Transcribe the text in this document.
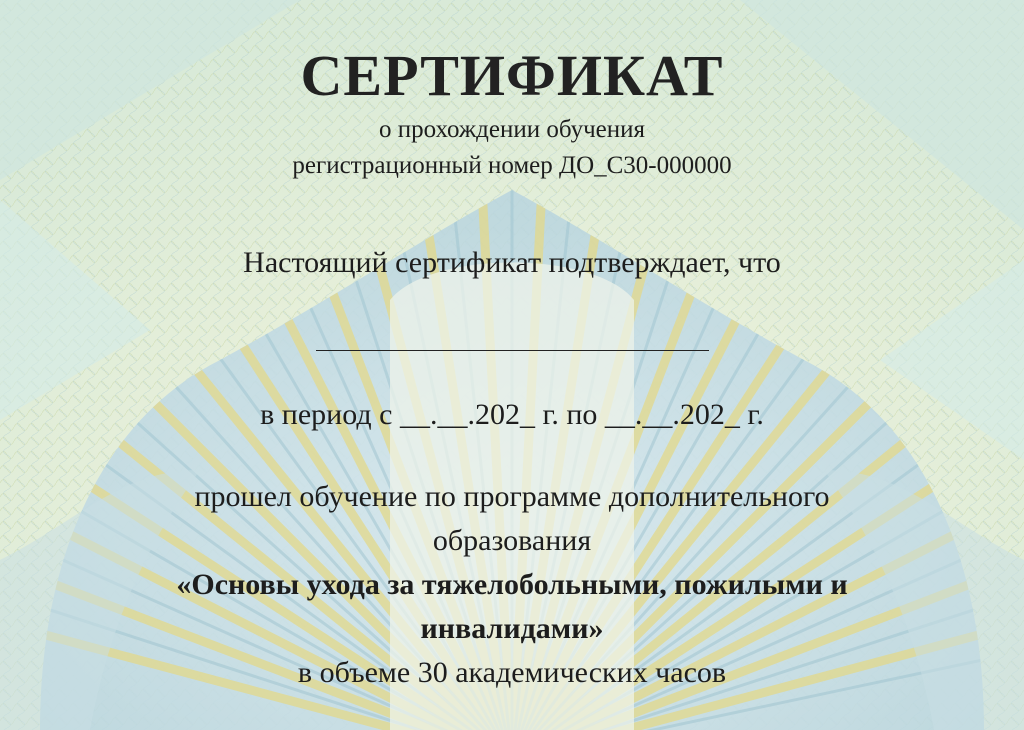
СЕРТИФИКАТ
о прохождении обучения
регистрационный номер ДО_С30-000000
Настоящий сертификат подтверждает, что
в период с __.__.202_ г. по __.__.202_ г.
прошел обучение по программе дополнительного
образования
«Основы ухода за тяжелобольными, пожилыми и
инвалидами»
в объеме 30 академических часов
